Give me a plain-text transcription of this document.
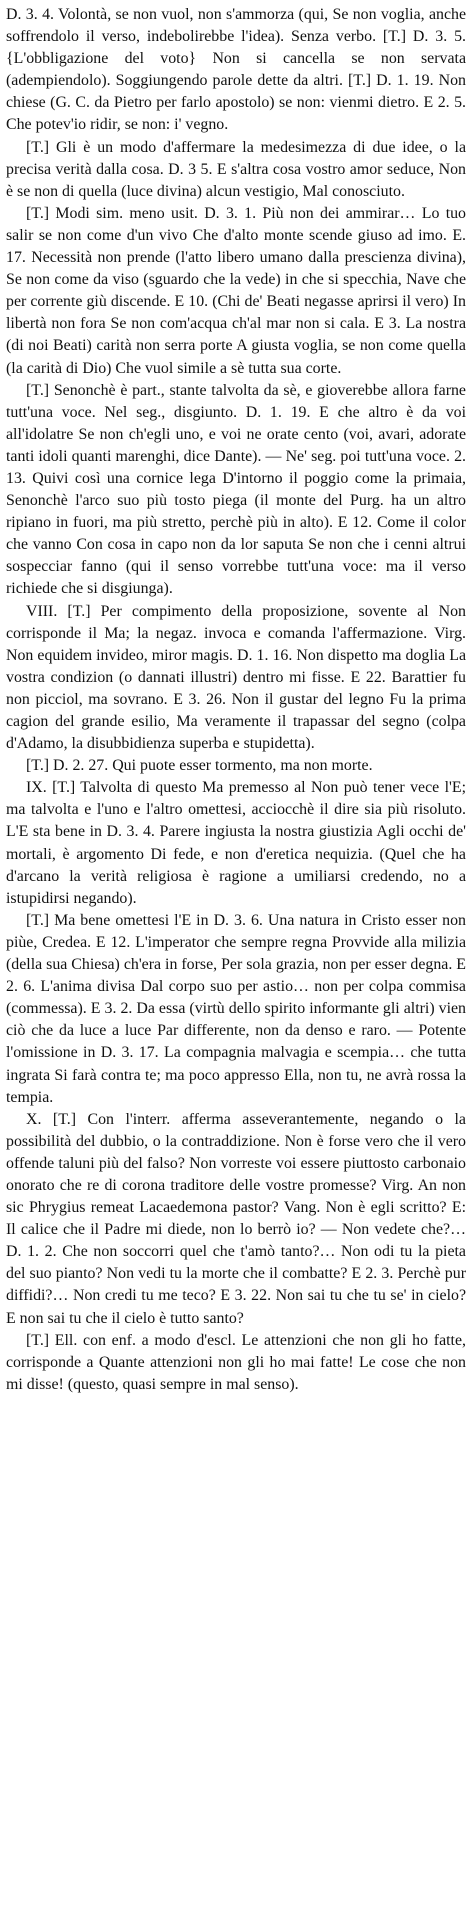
D. 3. 4. Volontà, se non vuol, non s'ammorza (qui, Se non voglia, anche soffrendolo il verso, indebolirebbe l'idea). Senza verbo. [T.] D. 3. 5. {L'obbligazione del voto} Non si cancella se non servata (adempiendolo). Soggiungendo parole dette da altri. [T.] D. 1. 19. Non chiese (G. C. da Pietro per farlo apostolo) se non: vienmi dietro. E 2. 5. Che potev'io ridir, se non: i' vegno.

[T.] Gli è un modo d'affermare la medesimezza di due idee, o la precisa verità dalla cosa. D. 3 5. E s'altra cosa vostro amor seduce, Non è se non di quella (luce divina) alcun vestigio, Mal conosciuto.

[T.] Modi sim. meno usit. D. 3. 1. Più non dei ammirar… Lo tuo salir se non come d'un vivo Che d'alto monte scende giuso ad imo. E. 17. Necessità non prende (l'atto libero umano dalla prescienza divina), Se non come da viso (sguardo che la vede) in che si specchia, Nave che per corrente giù discende. E 10. (Chi de' Beati negasse aprirsi il vero) In libertà non fora Se non com'acqua ch'al mar non si cala. E 3. La nostra (di noi Beati) carità non serra porte A giusta voglia, se non come quella (la carità di Dio) Che vuol simile a sè tutta sua corte.

[T.] Senonchè è part., stante talvolta da sè, e gioverebbe allora farne tutt'una voce. Nel seg., disgiunto. D. 1. 19. E che altro è da voi all'idolatre Se non ch'egli uno, e voi ne orate cento (voi, avari, adorate tanti idoli quanti marenghi, dice Dante). — Ne' seg. poi tutt'una voce. 2. 13. Quivi così una cornice lega D'intorno il poggio come la primaia, Senonchè l'arco suo più tosto piega (il monte del Purg. ha un altro ripiano in fuori, ma più stretto, perchè più in alto). E 12. Come il color che vanno Con cosa in capo non da lor saputa Se non che i cenni altrui sospecciar fanno (qui il senso vorrebbe tutt'una voce: ma il verso richiede che si disgiunga).

VIII. [T.] Per compimento della proposizione, sovente al Non corrisponde il Ma; la negaz. invoca e comanda l'affermazione. Virg. Non equidem invideo, miror magis. D. 1. 16. Non dispetto ma doglia La vostra condizion (o dannati illustri) dentro mi fisse. E 22. Barattier fu non picciol, ma sovrano. E 3. 26. Non il gustar del legno Fu la prima cagion del grande esilio, Ma veramente il trapassar del segno (colpa d'Adamo, la disubbidienza superba e stupidetta).

[T.] D. 2. 27. Qui puote esser tormento, ma non morte.

IX. [T.] Talvolta di questo Ma premesso al Non può tener vece l'E; ma talvolta e l'uno e l'altro omettesi, acciocchè il dire sia più risoluto. L'E sta bene in D. 3. 4. Parere ingiusta la nostra giustizia Agli occhi de' mortali, è argomento Di fede, e non d'eretica nequizia. (Quel che ha d'arcano la verità religiosa è ragione a umiliarsi credendo, no a istupidirsi negando).

[T.] Ma bene omettesi l'E in D. 3. 6. Una natura in Cristo esser non piùe, Credea. E 12. L'imperator che sempre regna Provvide alla milizia (della sua Chiesa) ch'era in forse, Per sola grazia, non per esser degna. E 2. 6. L'anima divisa Dal corpo suo per astio… non per colpa commisa (commessa). E 3. 2. Da essa (virtù dello spirito informante gli altri) vien ciò che da luce a luce Par differente, non da denso e raro. — Potente l'omissione in D. 3. 17. La compagnia malvagia e scempia… che tutta ingrata Si farà contra te; ma poco appresso Ella, non tu, ne avrà rossa la tempia.

X. [T.] Con l'interr. afferma asseverantemente, negando o la possibilità del dubbio, o la contraddizione. Non è forse vero che il vero offende taluni più del falso? Non vorreste voi essere piuttosto carbonaio onorato che re di corona traditore delle vostre promesse? Virg. An non sic Phrygius remeat Lacaedemona pastor? Vang. Non è egli scritto? E: Il calice che il Padre mi diede, non lo berrò io? — Non vedete che?… D. 1. 2. Che non soccorri quel che t'amò tanto?… Non odi tu la pieta del suo pianto? Non vedi tu la morte che il combatte? E 2. 3. Perchè pur diffidi?… Non credi tu me teco? E 3. 22. Non sai tu che tu se' in cielo? E non sai tu che il cielo è tutto santo?

[T.] Ell. con enf. a modo d'escl. Le attenzioni che non gli ho fatte, corrisponde a Quante attenzioni non gli ho mai fatte! Le cose che non mi disse! (questo, quasi sempre in mal senso).
